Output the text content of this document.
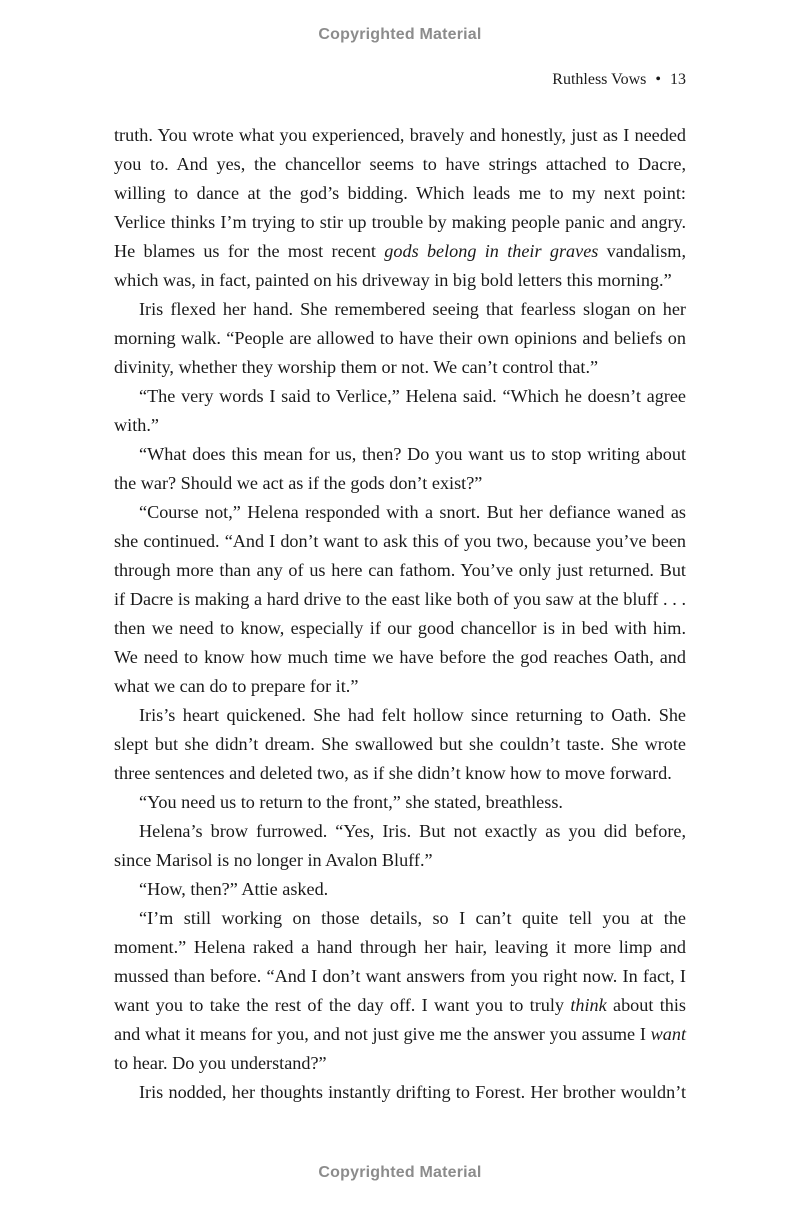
Copyrighted Material
Ruthless Vows • 13

truth. You wrote what you experienced, bravely and honestly, just as I needed you to. And yes, the chancellor seems to have strings attached to Dacre, willing to dance at the god’s bidding. Which leads me to my next point: Verlice thinks I’m trying to stir up trouble by making people panic and angry. He blames us for the most recent gods belong in their graves vandalism, which was, in fact, painted on his driveway in big bold letters this morning.”

Iris flexed her hand. She remembered seeing that fearless slogan on her morning walk. “People are allowed to have their own opinions and beliefs on divinity, whether they worship them or not. We can’t control that.”

“The very words I said to Verlice,” Helena said. “Which he doesn’t agree with.”

“What does this mean for us, then? Do you want us to stop writing about the war? Should we act as if the gods don’t exist?”

“Course not,” Helena responded with a snort. But her defiance waned as she continued. “And I don’t want to ask this of you two, because you’ve been through more than any of us here can fathom. You’ve only just returned. But if Dacre is making a hard drive to the east like both of you saw at the bluff . . . then we need to know, especially if our good chancellor is in bed with him. We need to know how much time we have before the god reaches Oath, and what we can do to prepare for it.”

Iris’s heart quickened. She had felt hollow since returning to Oath. She slept but she didn’t dream. She swallowed but she couldn’t taste. She wrote three sentences and deleted two, as if she didn’t know how to move forward.

“You need us to return to the front,” she stated, breathless.

Helena’s brow furrowed. “Yes, Iris. But not exactly as you did before, since Marisol is no longer in Avalon Bluff.”

“How, then?” Attie asked.

“I’m still working on those details, so I can’t quite tell you at the moment.” Helena raked a hand through her hair, leaving it more limp and mussed than before. “And I don’t want answers from you right now. In fact, I want you to take the rest of the day off. I want you to truly think about this and what it means for you, and not just give me the answer you assume I want to hear. Do you understand?”

Iris nodded, her thoughts instantly drifting to Forest. Her brother wouldn’t

Copyrighted Material
